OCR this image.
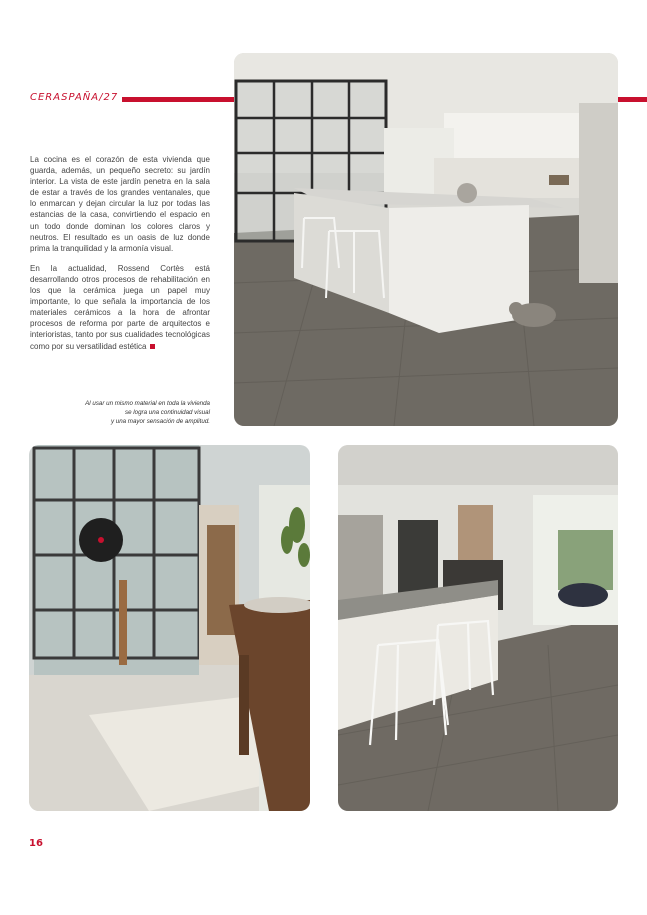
CERASPAÑA/27

La cocina es el corazón de esta vivienda que guarda, además, un pequeño secreto: su jardín interior. La vista de este jardín penetra en la sala de estar a través de los grandes ventanales, que lo enmarcan y dejan circular la luz por todas las estancias de la casa, convirtiendo el espacio en un todo donde dominan los colores claros y neutros. El resultado es un oasis de luz donde prima la tranquilidad y la armonía visual.

En la actualidad, Rossend Cortès está desarrollando otros procesos de rehabilitación en los que la cerámica juega un papel muy importante, lo que señala la importancia de los materiales cerámicos a la hora de afrontar procesos de reforma por parte de arquitectos e interioristas, tanto por sus cualidades tecnológicas como por su versatilidad estética

Al usar un mismo material en toda la vivienda
se logra una continuidad visual
y una mayor sensación de amplitud.
16
